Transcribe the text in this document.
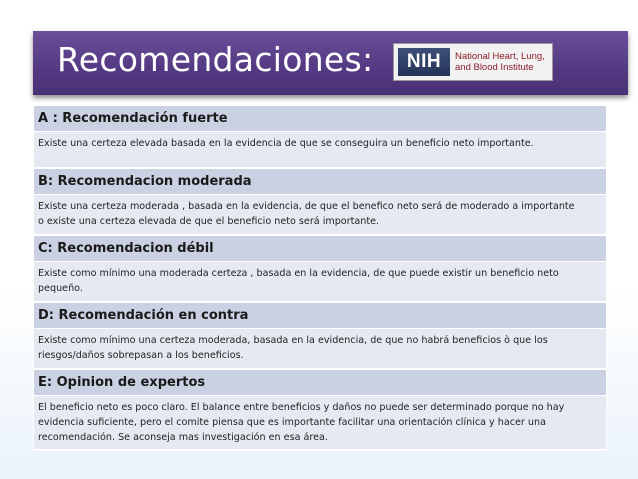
Recomendaciones:	NIH	National Heart, Lung,
and Blood Institute
A : Recomendación fuerte
Existe una certeza elevada basada en la evidencia de que se conseguira un beneficio neto importante.
B: Recomendacion moderada
Existe una certeza moderada , basada en la evidencia, de que el benefico neto será de moderado a importante
o existe una certeza elevada de que el beneficio neto será importante.
C: Recomendacion débil
Existe como mínimo una moderada certeza , basada en la evidencia, de que puede existir un beneficio neto
pequeño.
D: Recomendación en contra
Existe como mínimo una certeza moderada, basada en la evidencia, de que no habrá beneficios ò que los
riesgos/daños sobrepasan a los beneficios.
E: Opinion de expertos
El beneficio neto es poco claro. El balance entre beneficios y daños no puede ser determinado porque no hay
evidencia suficiente, pero el comite piensa que es importante facilitar una orientación clínica y hacer una
recomendación. Se aconseja mas investigación en esa área.
